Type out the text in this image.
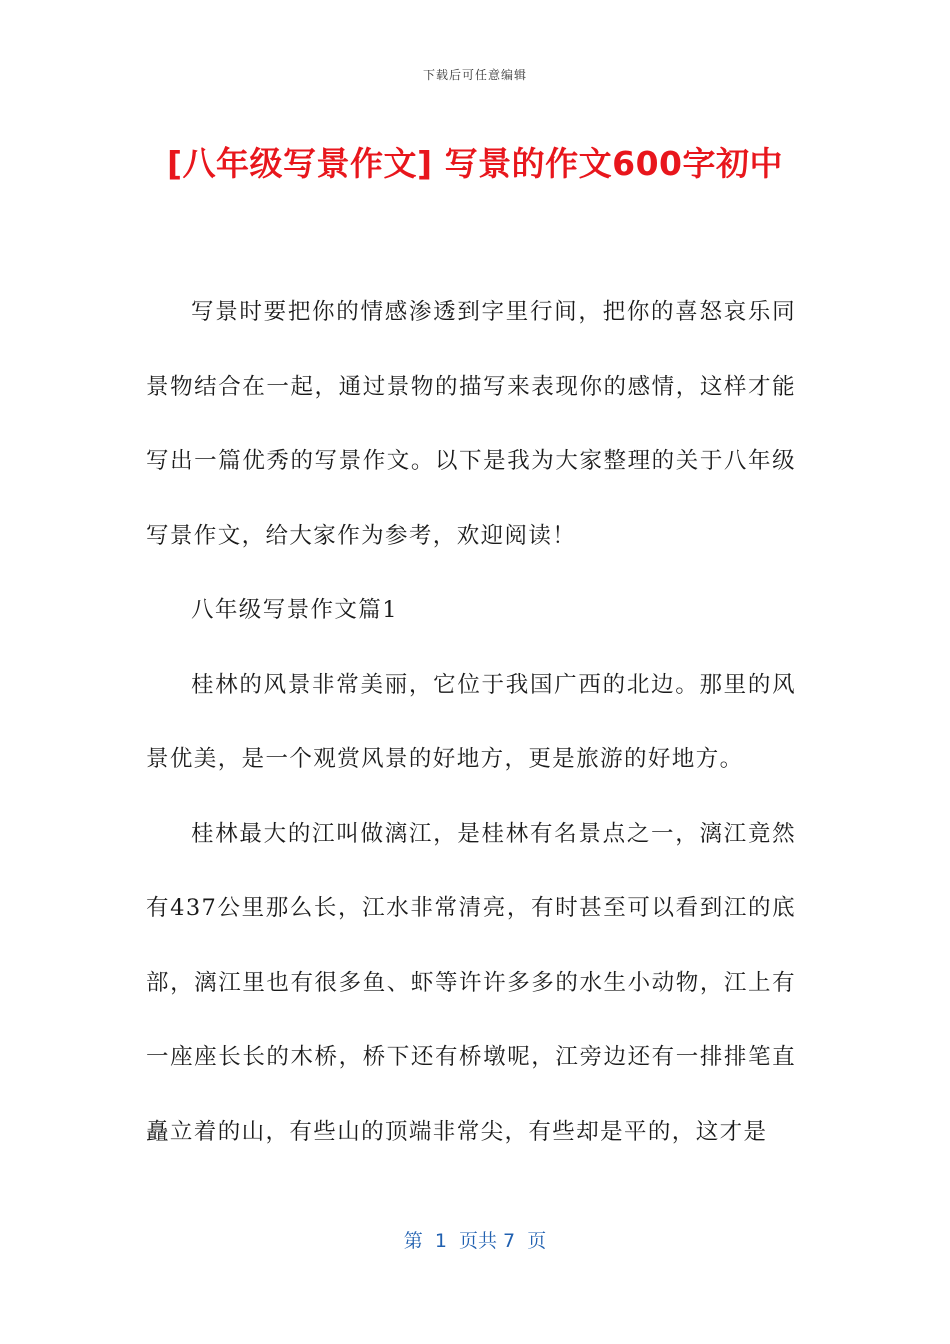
下载后可任意编辑
[八年级写景作文] 写景的作文600字初中

写景时要把你的情感渗透到字里行间，把你的喜怒哀乐同景物结合在一起，通过景物的描写来表现你的感情，这样才能写出一篇优秀的写景作文。以下是我为大家整理的关于八年级写景作文，给大家作为参考，欢迎阅读！

八年级写景作文篇1

桂林的风景非常美丽，它位于我国广西的北边。那里的风景优美，是一个观赏风景的好地方，更是旅游的好地方。

桂林最大的江叫做漓江，是桂林有名景点之一，漓江竟然有437公里那么长，江水非常清亮，有时甚至可以看到江的底部，漓江里也有很多鱼、虾等许许多多的水生小动物，江上有一座座长长的木桥，桥下还有桥墩呢，江旁边还有一排排笔直矗立着的山，有些山的顶端非常尖，有些却是平的，这才是

第  1  页共 7  页
